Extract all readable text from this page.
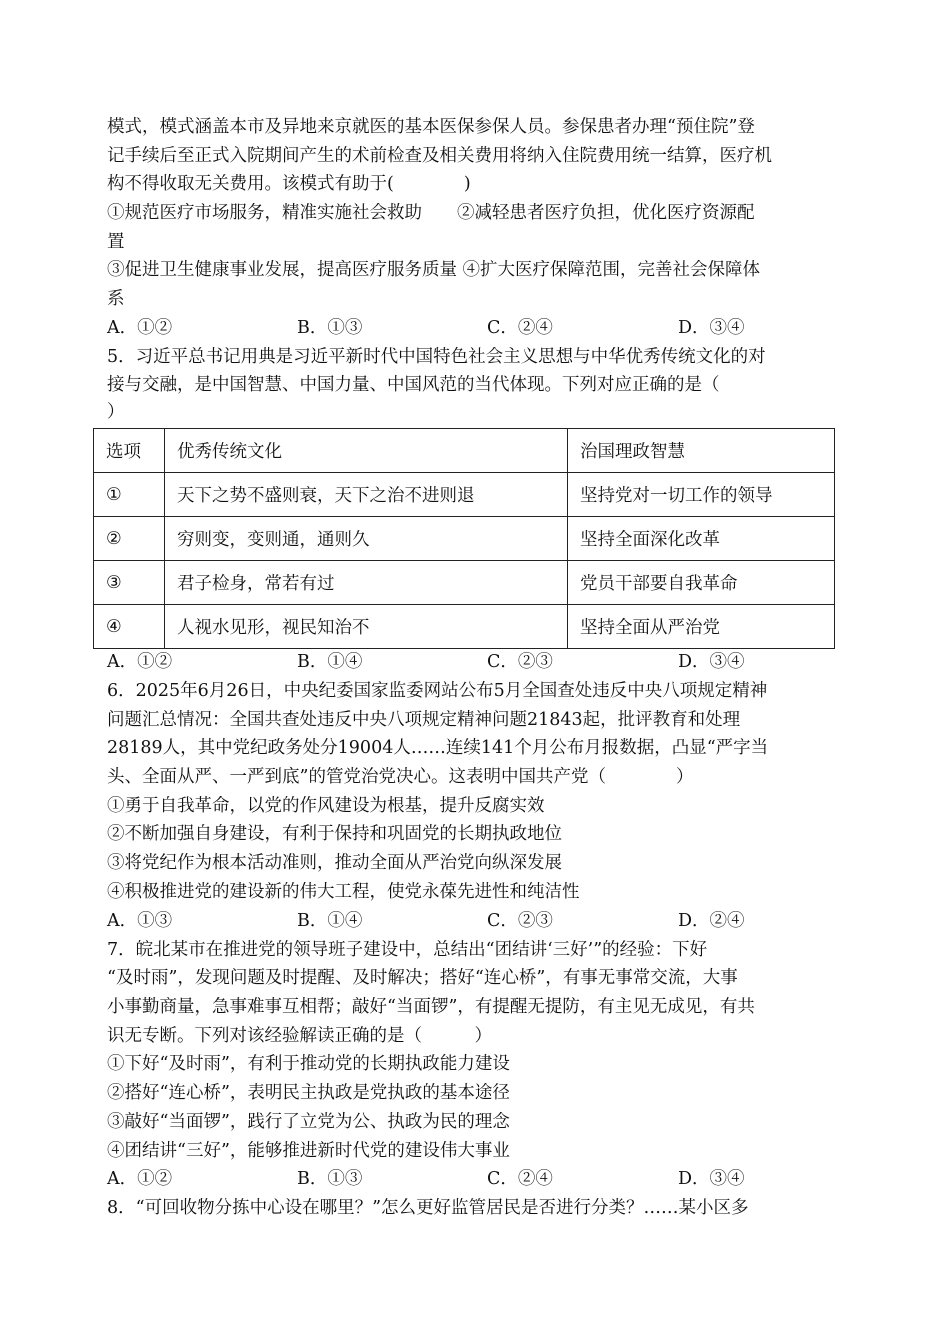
模式，模式涵盖本市及异地来京就医的基本医保参保人员。参保患者办理“预住院”登
记手续后至正式入院期间产生的术前检查及相关费用将纳入住院费用统一结算，医疗机
构不得收取无关费用。该模式有助于(　　　　)
①规范医疗市场服务，精准实施社会救助　　②减轻患者医疗负担，优化医疗资源配
置
③促进卫生健康事业发展，提高医疗服务质量 ④扩大医疗保障范围，完善社会保障体
系
A．①②	B．①③	C．②④	D．③④
5．习近平总书记用典是习近平新时代中国特色社会主义思想与中华优秀传统文化的对
接与交融，是中国智慧、中国力量、中国风范的当代体现。下列对应正确的是（
）
选项	优秀传统文化	治国理政智慧
①	天下之势不盛则衰，天下之治不进则退	坚持党对一切工作的领导
②	穷则变，变则通，通则久	坚持全面深化改革
③	君子检身，常若有过	党员干部要自我革命
④	人视水见形，视民知治不	坚持全面从严治党
A．①②	B．①④	C．②③	D．③④
6．2025年6月26日，中央纪委国家监委网站公布5月全国查处违反中央八项规定精神
问题汇总情况：全国共查处违反中央八项规定精神问题21843起，批评教育和处理
28189人，其中党纪政务处分19004人……连续141个月公布月报数据，凸显“严字当
头、全面从严、一严到底”的管党治党决心。这表明中国共产党（　　　　）
①勇于自我革命，以党的作风建设为根基，提升反腐实效
②不断加强自身建设，有利于保持和巩固党的长期执政地位
③将党纪作为根本活动准则，推动全面从严治党向纵深发展
④积极推进党的建设新的伟大工程，使党永葆先进性和纯洁性
A．①③	B．①④	C．②③	D．②④
7．皖北某市在推进党的领导班子建设中，总结出“团结讲‘三好’”的经验：下好
“及时雨”，发现问题及时提醒、及时解决；搭好“连心桥”，有事无事常交流，大事
小事勤商量，急事难事互相帮；敲好“当面锣”，有提醒无提防，有主见无成见，有共
识无专断。下列对该经验解读正确的是（　　　）
①下好“及时雨”，有利于推动党的长期执政能力建设
②搭好“连心桥”，表明民主执政是党执政的基本途径
③敲好“当面锣”，践行了立党为公、执政为民的理念
④团结讲“三好”，能够推进新时代党的建设伟大事业
A．①②	B．①③	C．②④	D．③④
8．“可回收物分拣中心设在哪里？”怎么更好监管居民是否进行分类？……某小区多
